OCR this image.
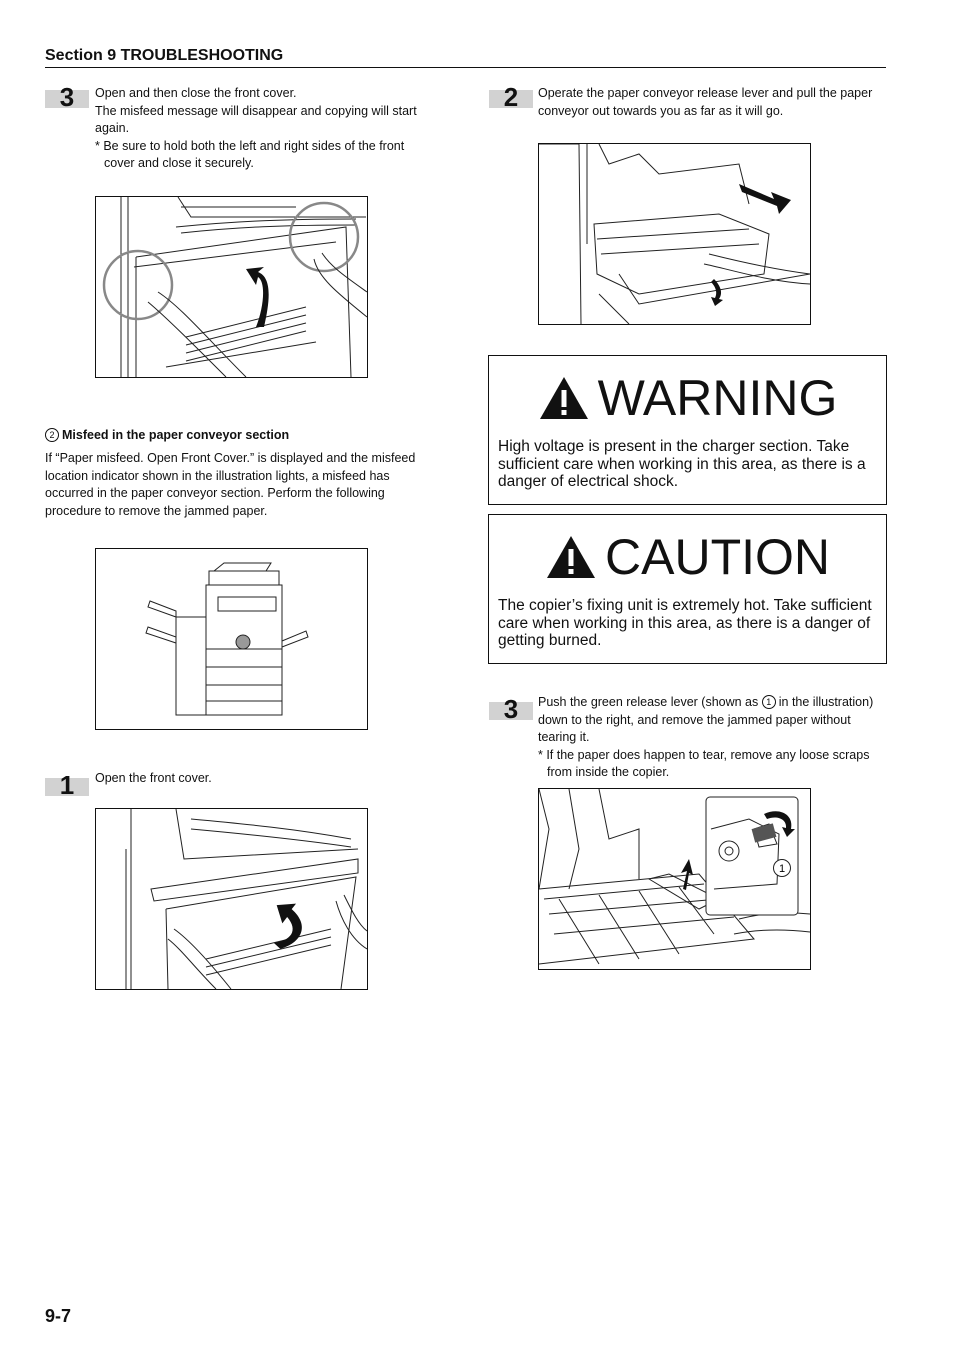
Section 9 TROUBLESHOOTING
3	Open and then close the front cover.

The misfeed message will disappear and copying will start again.

* Be sure to hold both the left and right sides of the front cover and close it securely.

2 Misfeed in the paper conveyor section
If “Paper misfeed. Open Front Cover.” is displayed and the misfeed location indicator shown in the illustration lights, a misfeed has occurred in the paper conveyor section. Perform the following procedure to remove the jammed paper.
1	Open the front cover.
2	Operate the paper conveyor release lever and pull the paper conveyor out towards you as far as it will go.
WARNING
High voltage is present in the charger section. Take sufficient care when working in this area, as there is a danger of electrical shock.
CAUTION
The copier’s fixing unit is extremely hot. Take sufficient care when working in this area, as there is a danger of getting burned.
3	Push the green release lever (shown as 1 in the illustration) down to the right, and remove the jammed paper without tearing it.

* If the paper does happen to tear, remove any loose scraps from inside the copier.

1
9-7
